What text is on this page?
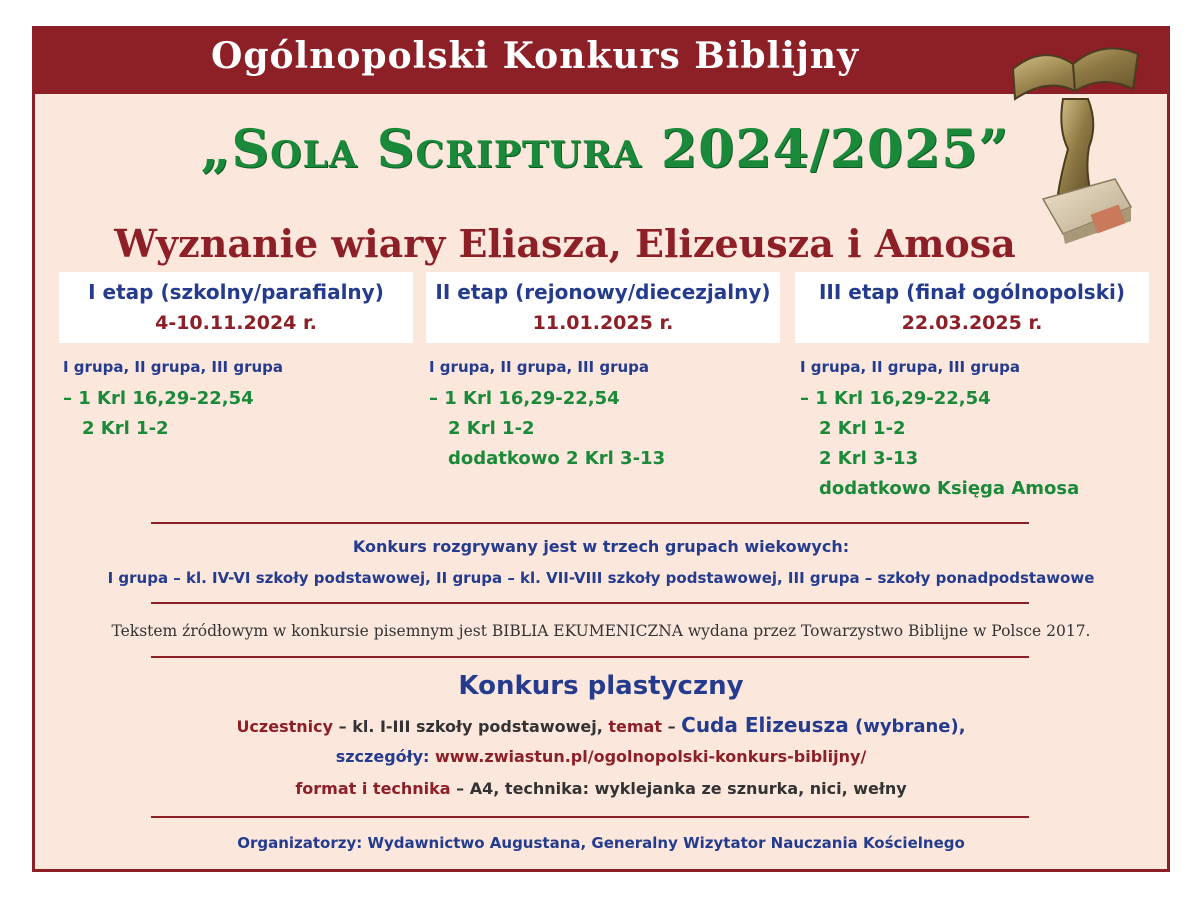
Ogólnopolski Konkurs Biblijny
„Sola Scriptura 2024/2025”
Wyznanie wiary Eliasza, Elizeusza i Amosa
I etap (szkolny/parafialny)
4-10.11.2024 r.
II etap (rejonowy/diecezjalny)
11.01.2025 r.
III etap (finał ogólnopolski)
22.03.2025 r.
I grupa, II grupa, III grupa
– 1 Krl 16,29-22,54
2 Krl 1-2
I grupa, II grupa, III grupa
– 1 Krl 16,29-22,54
2 Krl 1-2
dodatkowo 2 Krl 3-13
I grupa, II grupa, III grupa
– 1 Krl 16,29-22,54
2 Krl 1-2
2 Krl 3-13
dodatkowo Księga Amosa
Konkurs rozgrywany jest w trzech grupach wiekowych:
I grupa – kl. IV-VI szkoły podstawowej, II grupa – kl. VII-VIII szkoły podstawowej, III grupa – szkoły ponadpodstawowe
Tekstem źródłowym w konkursie pisemnym jest BIBLIA EKUMENICZNA wydana przez Towarzystwo Biblijne w Polsce 2017.
Konkurs plastyczny
Uczestnicy – kl. I-III szkoły podstawowej, temat – Cuda Elizeusza (wybrane),
szczegóły: www.zwiastun.pl/ogolnopolski-konkurs-biblijny/
format i technika – A4, technika: wyklejanka ze sznurka, nici, wełny
Organizatorzy: Wydawnictwo Augustana, Generalny Wizytator Nauczania Kościelnego
